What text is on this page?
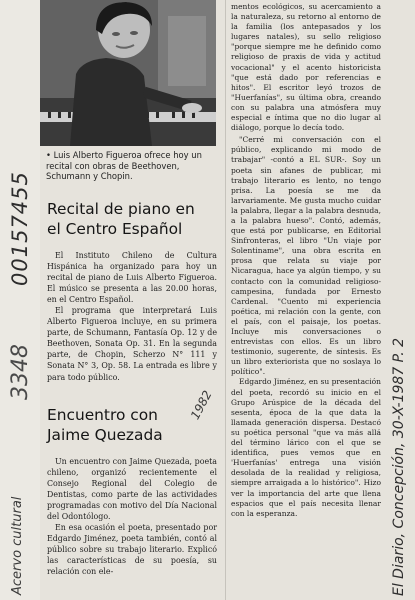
00157455
3348
Acervo cultural
1982	El Diario, Concepción, 30-X-1987 P. 2
• Luis Alberto Figueroa ofrece hoy un recital con obras de Beethoven, Schumann y Chopin.
Recital de piano en
el Centro Español

El Instituto Chileno de Cultura Hispánica ha organizado para hoy un recital de piano de Luis Alberto Figueroa. El músico se presenta a las 20.00 horas, en el Centro Español.

El programa que interpretará Luis Alberto Figueroa incluye, en su primera parte, de Schumann, Fantasía Op. 12 y de Beethoven, Sonata Op. 31. En la segunda parte, de Chopin, Scherzo N° 111 y Sonata N° 3, Op. 58. La entrada es libre y para todo público.

Encuentro con
Jaime Quezada

Un encuentro con Jaime Quezada, poeta chileno, organizó recientemente el Consejo Regional del Colegio de Dentistas, como parte de las actividades programadas con motivo del Día Nacional del Odontólogo.

En esa ocasión el poeta, presentado por Edgardo Jiménez, poeta también, contó al público sobre su trabajo literario. Explicó las características de su poesía, su relación con ele-

mentos ecológicos, su acercamiento a la naturaleza, su retorno al entorno de la familia (los antepasados y los lugares natales), su sello religioso "porque siempre me he definido como religioso de praxis de vida y actitud vocacional" y el acento historicista "que está dado por referencias e hitos". El escritor leyó trozos de "Huerfanías", su última obra, creando con su palabra una atmósfera muy especial e íntima que no dio lugar al diálogo, porque lo decía todo.

"Cerré mi conversación con el público, explicando mi modo de trabajar" -contó a EL SUR-. Soy un poeta sin afanes de publicar, mi trabajo literario es lento, no tengo prisa. La poesía se me da larvariamente. Me gusta mucho cuidar la palabra, llegar a la palabra desnuda, a la palabra hueso". Contó, además, que está por publicarse, en Editorial Sinfronteras, el libro "Un viaje por Solentiname", una obra escrita en prosa que relata su viaje por Nicaragua, hace ya algún tiempo, y su contacto con la comunidad religioso-campesina, fundada por Ernesto Cardenal. "Cuento mi experiencia poética, mi relación con la gente, con el país, con el paisaje, los poetas. Incluye mis conversaciones o entrevistas con ellos. Es un libro testimonio, sugerente, de síntesis. Es un libro exteriorista que no soslaya lo político".

Edgardo Jiménez, en su presentación del poeta, recordó su inicio en el Grupo Arúspice de la década del sesenta, época de la que data la llamada generación dispersa. Destacó su poética personal "que va más allá del término lárico con el que se identifica, pues vemos que en 'Huerfanías' entrega una visión desolada de la realidad y religiosa, siempre arraigada a lo histórico". Hizo ver la importancia del arte que llena espacios que el país necesita llenar con la esperanza.
